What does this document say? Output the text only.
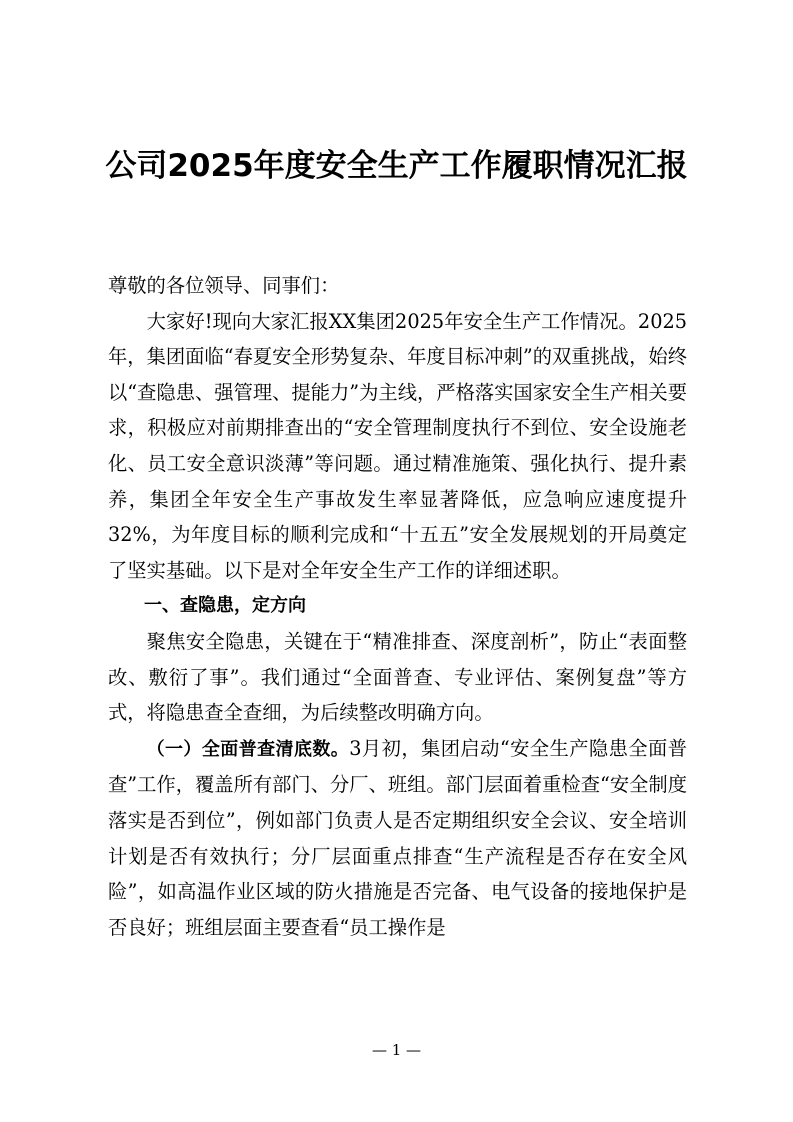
公司2025年度安全生产工作履职情况汇报

尊敬的各位领导、同事们：

大家好!现向大家汇报XX集团2025年安全生产工作情况。2025年，集团面临“春夏安全形势复杂、年度目标冲刺”的双重挑战，始终以“查隐患、强管理、提能力”为主线，严格落实国家安全生产相关要求，积极应对前期排查出的“安全管理制度执行不到位、安全设施老化、员工安全意识淡薄”等问题。通过精准施策、强化执行、提升素养，集团全年安全生产事故发生率显著降低，应急响应速度提升32%，为年度目标的顺利完成和“十五五”安全发展规划的开局奠定了坚实基础。以下是对全年安全生产工作的详细述职。

一、查隐患，定方向

聚焦安全隐患，关键在于“精准排查、深度剖析”，防止“表面整改、敷衍了事”。我们通过“全面普查、专业评估、案例复盘”等方式，将隐患查全查细，为后续整改明确方向。

（一）全面普查清底数。3月初，集团启动“安全生产隐患全面普查”工作，覆盖所有部门、分厂、班组。部门层面着重检查“安全制度落实是否到位”，例如部门负责人是否定期组织安全会议、安全培训计划是否有效执行；分厂层面重点排查“生产流程是否存在安全风险”，如高温作业区域的防火措施是否完备、电气设备的接地保护是否良好；班组层面主要查看“员工操作是

— 1 —
